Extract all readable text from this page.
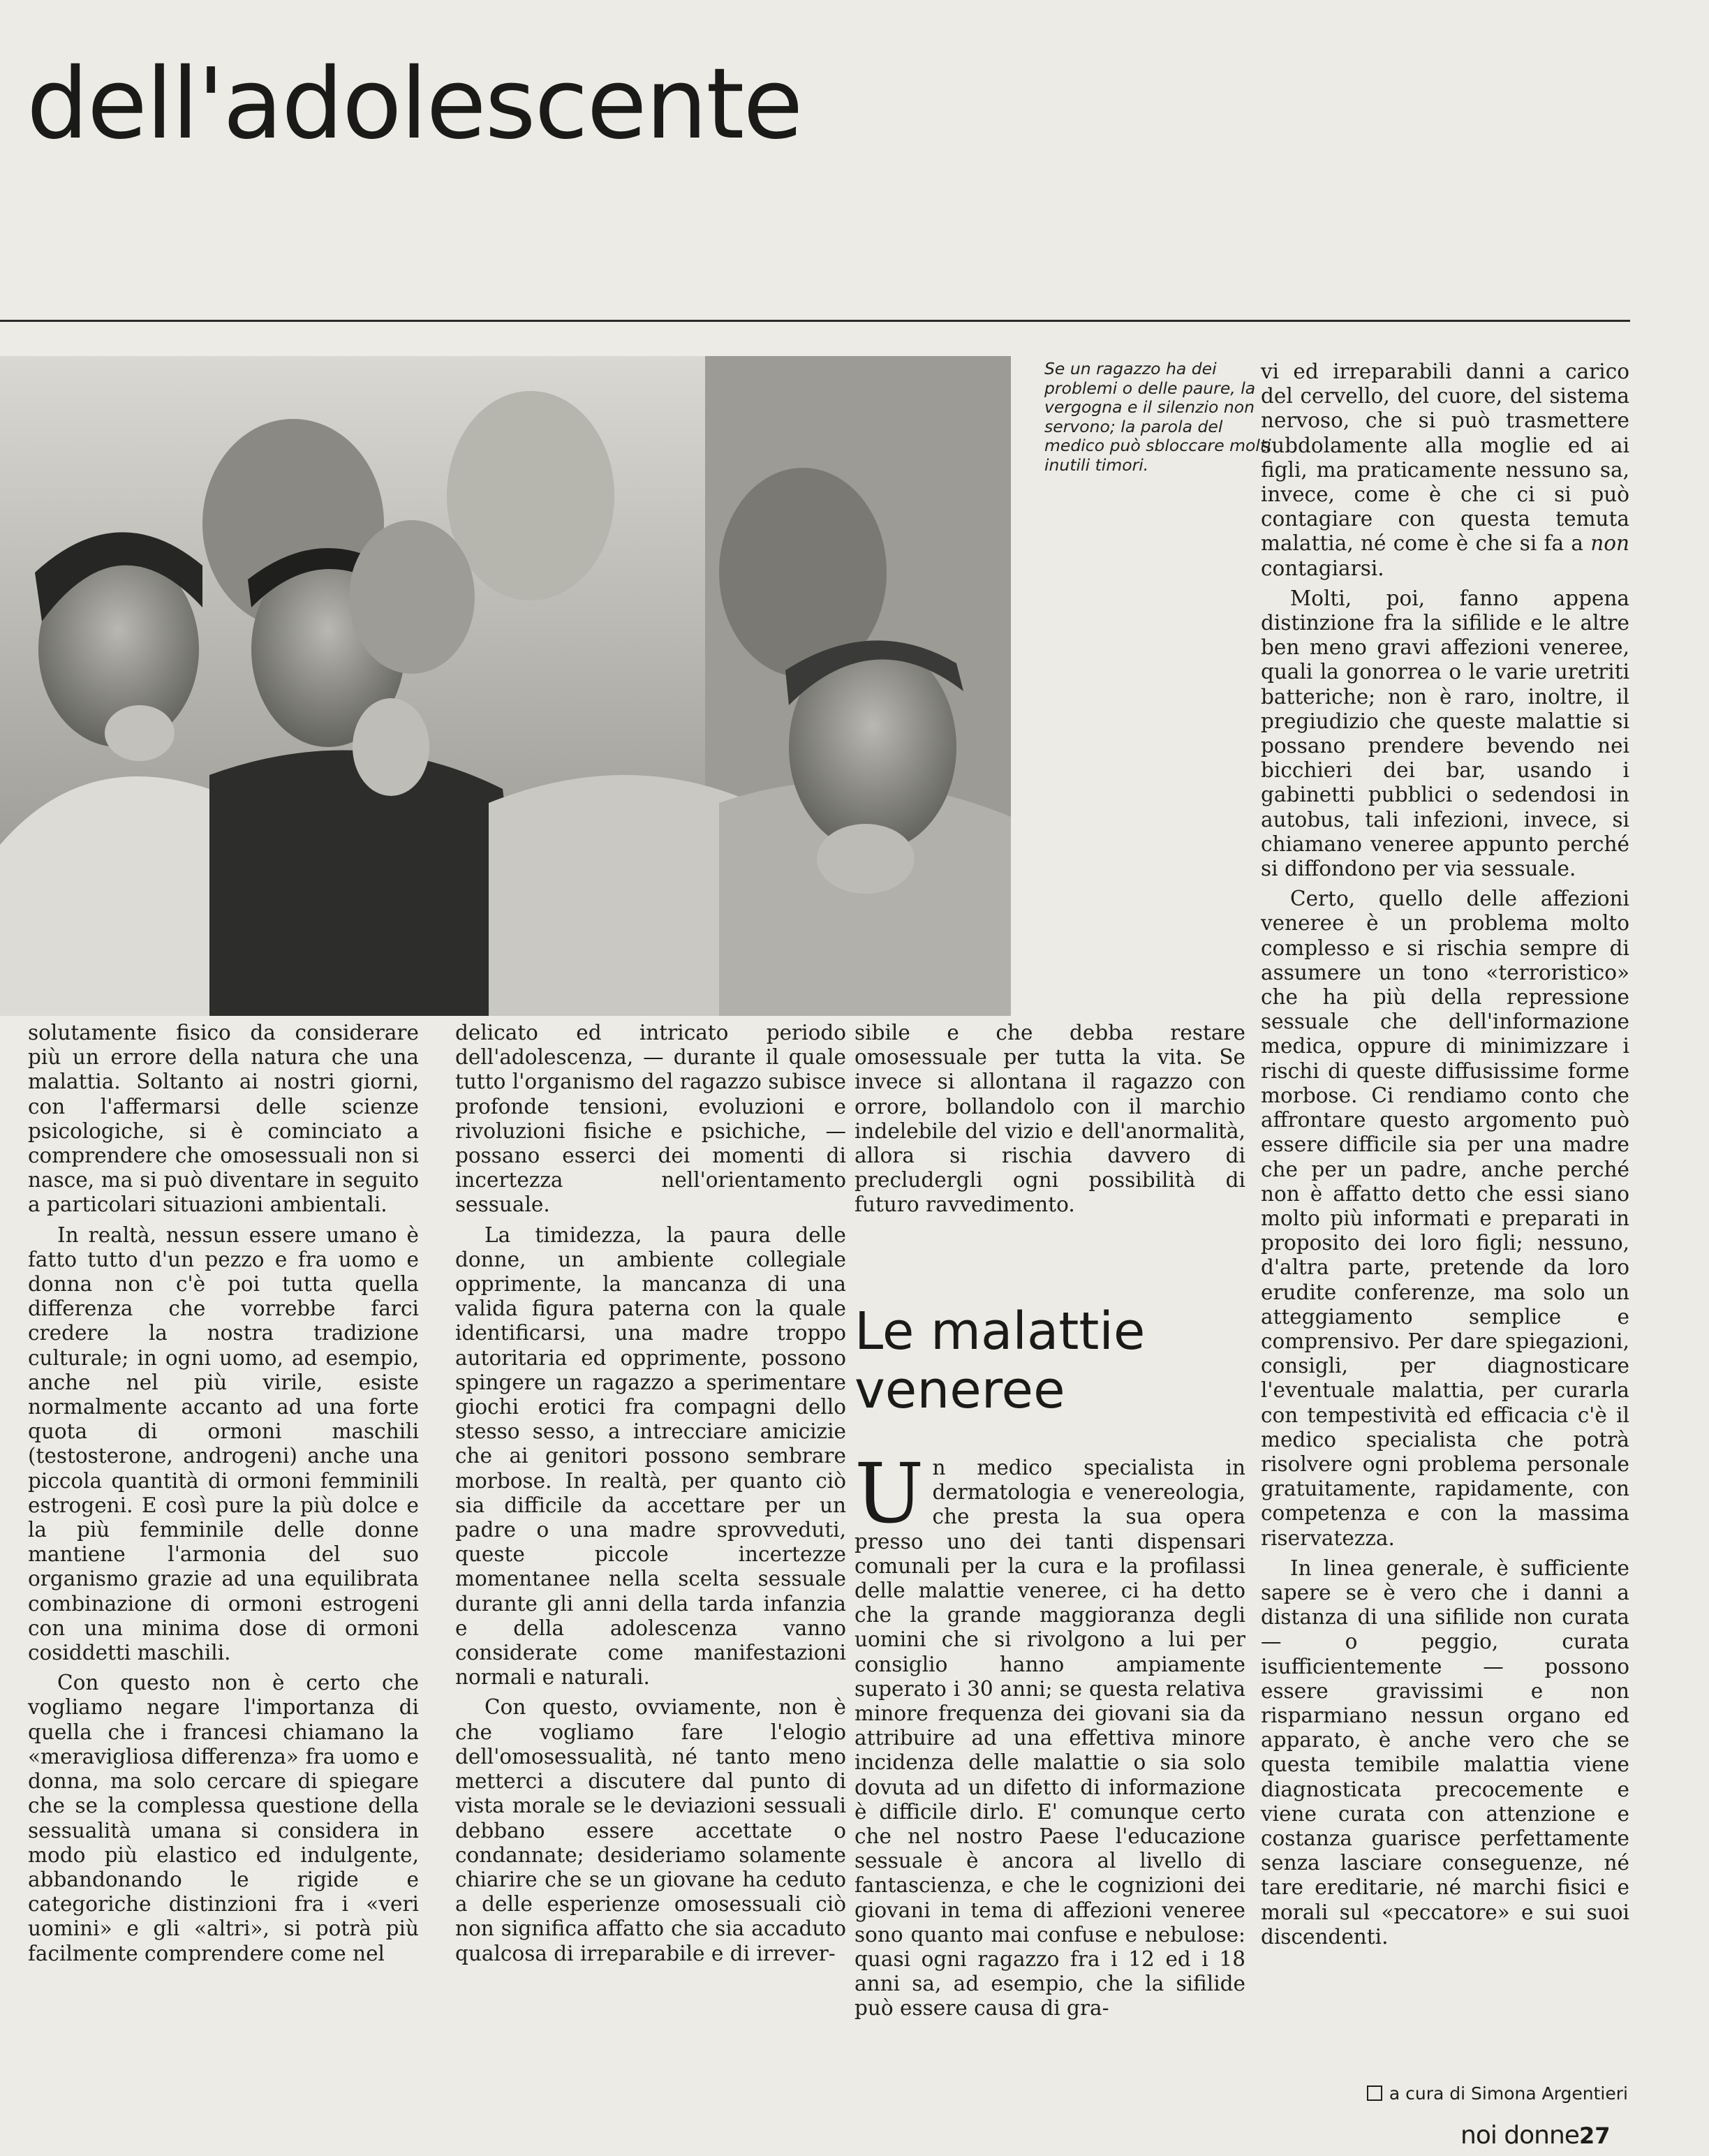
dell'adolescente

Se un ragazzo ha dei problemi o delle paure, la vergogna e il silenzio non servono; la parola del medico può sbloccare molti inutili timori.

solutamente fisico da considerare più un errore della natura che una malattia. Soltanto ai nostri giorni, con l'affermarsi delle scienze psicologiche, si è cominciato a comprendere che omosessuali non si nasce, ma si può diventare in seguito a particolari situazioni ambientali.

In realtà, nessun essere umano è fatto tutto d'un pezzo e fra uomo e donna non c'è poi tutta quella differenza che vorrebbe farci credere la nostra tradizione culturale; in ogni uomo, ad esempio, anche nel più virile, esiste normalmente accanto ad una forte quota di ormoni maschili (testosterone, androgeni) anche una piccola quantità di ormoni femminili estrogeni. E così pure la più dolce e la più femminile delle donne mantiene l'armonia del suo organismo grazie ad una equilibrata combinazione di ormoni estrogeni con una minima dose di ormoni cosiddetti maschili.

Con questo non è certo che vogliamo negare l'importanza di quella che i francesi chiamano la «meravigliosa differenza» fra uomo e donna, ma solo cercare di spiegare che se la complessa questione della sessualità umana si considera in modo più elastico ed indulgente, abbandonando le rigide e categoriche distinzioni fra i «veri uomini» e gli «altri», si potrà più facilmente comprendere come nel

delicato ed intricato periodo dell'adolescenza, — durante il quale tutto l'organismo del ragazzo subisce profonde tensioni, evoluzioni e rivoluzioni fisiche e psichiche, — possano esserci dei momenti di incertezza nell'orientamento sessuale.

La timidezza, la paura delle donne, un ambiente collegiale opprimente, la mancanza di una valida figura paterna con la quale identificarsi, una madre troppo autoritaria ed opprimente, possono spingere un ragazzo a sperimentare giochi erotici fra compagni dello stesso sesso, a intrecciare amicizie che ai genitori possono sembrare morbose. In realtà, per quanto ciò sia difficile da accettare per un padre o una madre sprovveduti, queste piccole incertezze momentanee nella scelta sessuale durante gli anni della tarda infanzia e della adolescenza vanno considerate come manifestazioni normali e naturali.

Con questo, ovviamente, non è che vogliamo fare l'elogio dell'omosessualità, né tanto meno metterci a discutere dal punto di vista morale se le deviazioni sessuali debbano essere accettate o condannate; desideriamo solamente chiarire che se un giovane ha ceduto a delle esperienze omosessuali ciò non significa affatto che sia accaduto qualcosa di irreparabile e di irrever-

sibile e che debba restare omosessuale per tutta la vita. Se invece si allontana il ragazzo con orrore, bollandolo con il marchio indelebile del vizio e dell'anormalità, allora si rischia davvero di precludergli ogni possibilità di futuro ravvedimento.

Le malattie veneree

Un medico specialista in dermatologia e venereologia, che presta la sua opera presso uno dei tanti dispensari comunali per la cura e la profilassi delle malattie veneree, ci ha detto che la grande maggioranza degli uomini che si rivolgono a lui per consiglio hanno ampiamente superato i 30 anni; se questa relativa minore frequenza dei giovani sia da attribuire ad una effettiva minore incidenza delle malattie o sia solo dovuta ad un difetto di informazione è difficile dirlo. E' comunque certo che nel nostro Paese l'educazione sessuale è ancora al livello di fantascienza, e che le cognizioni dei giovani in tema di affezioni veneree sono quanto mai confuse e nebulose: quasi ogni ragazzo fra i 12 ed i 18 anni sa, ad esempio, che la sifilide può essere causa di gra-

vi ed irreparabili danni a carico del cervello, del cuore, del sistema nervoso, che si può trasmettere subdolamente alla moglie ed ai figli, ma praticamente nessuno sa, invece, come è che ci si può contagiare con questa temuta malattia, né come è che si fa a non contagiarsi.

Molti, poi, fanno appena distinzione fra la sifilide e le altre ben meno gravi affezioni veneree, quali la gonorrea o le varie uretriti batteriche; non è raro, inoltre, il pregiudizio che queste malattie si possano prendere bevendo nei bicchieri dei bar, usando i gabinetti pubblici o sedendosi in autobus, tali infezioni, invece, si chiamano veneree appunto perché si diffondono per via sessuale.

Certo, quello delle affezioni veneree è un problema molto complesso e si rischia sempre di assumere un tono «terroristico» che ha più della repressione sessuale che dell'informazione medica, oppure di minimizzare i rischi di queste diffusissime forme morbose. Ci rendiamo conto che affrontare questo argomento può essere difficile sia per una madre che per un padre, anche perché non è affatto detto che essi siano molto più informati e preparati in proposito dei loro figli; nessuno, d'altra parte, pretende da loro erudite conferenze, ma solo un atteggiamento semplice e comprensivo. Per dare spiegazioni, consigli, per diagnosticare l'eventuale malattia, per curarla con tempestività ed efficacia c'è il medico specialista che potrà risolvere ogni problema personale gratuitamente, rapidamente, con competenza e con la massima riservatezza.

In linea generale, è sufficiente sapere se è vero che i danni a distanza di una sifilide non curata — o peggio, curata isufficientemente — possono essere gravissimi e non risparmiano nessun organo ed apparato, è anche vero che se questa temibile malattia viene diagnosticata precocemente e viene curata con attenzione e costanza guarisce perfettamente senza lasciare conseguenze, né tare ereditarie, né marchi fisici e morali sul «peccatore» e sui suoi discendenti.

a cura di Simona Argentieri
noi donne 27
